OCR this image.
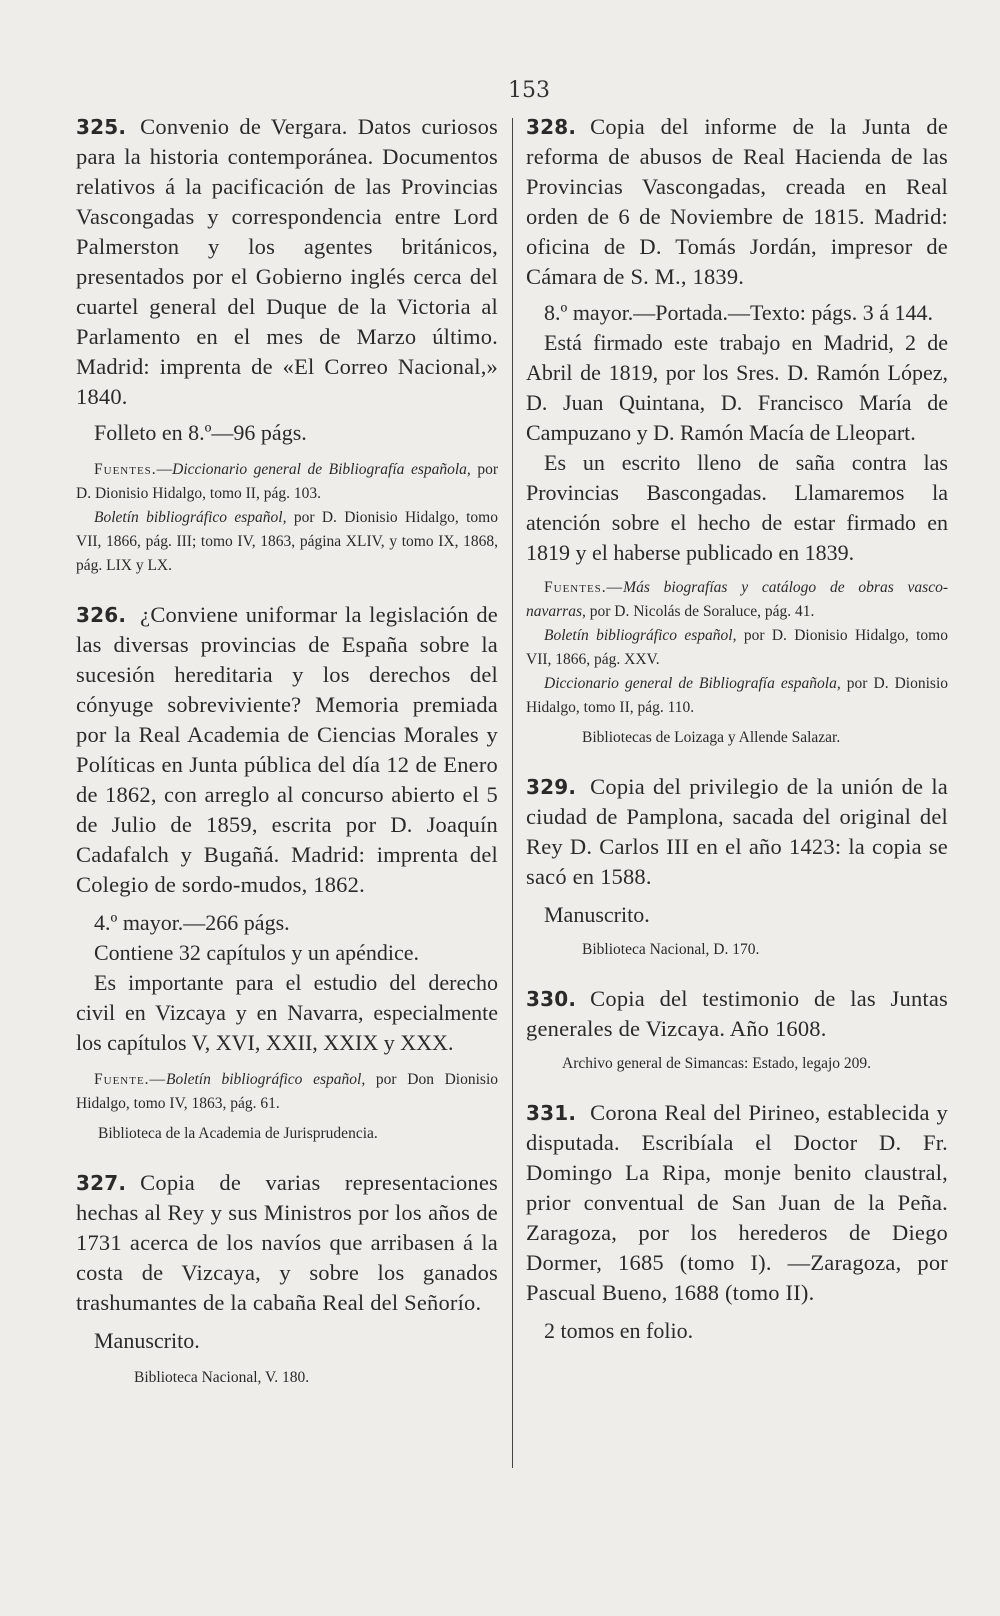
153

325. Convenio de Vergara. Datos curiosos para la historia contemporánea. Documentos relativos á la pacificación de las Provincias Vascongadas y correspondencia entre Lord Palmerston y los agentes británicos, presentados por el Gobierno inglés cerca del cuartel general del Duque de la Victoria al Parlamento en el mes de Marzo último. Madrid: imprenta de «El Correo Nacional,» 1840.

Folleto en 8.º—96 págs.

Fuentes.—Diccionario general de Bibliografía española, por D. Dionisio Hidalgo, tomo II, pág. 103.

Boletín bibliográfico español, por D. Dionisio Hidalgo, tomo VII, 1866, pág. III; tomo IV, 1863, página XLIV, y tomo IX, 1868, pág. LIX y LX.

326. ¿Conviene uniformar la legislación de las diversas provincias de España sobre la sucesión hereditaria y los derechos del cónyuge sobreviviente? Memoria premiada por la Real Academia de Ciencias Morales y Políticas en Junta pública del día 12 de Enero de 1862, con arreglo al concurso abierto el 5 de Julio de 1859, escrita por D. Joaquín Cadafalch y Bugañá. Madrid: imprenta del Colegio de sordo-mudos, 1862.

4.º mayor.—266 págs.

Contiene 32 capítulos y un apéndice.

Es importante para el estudio del derecho civil en Vizcaya y en Navarra, especialmente los capítulos V, XVI, XXII, XXIX y XXX.

Fuente.—Boletín bibliográfico español, por Don Dionisio Hidalgo, tomo IV, 1863, pág. 61.

Biblioteca de la Academia de Jurisprudencia.

327. Copia de varias representaciones hechas al Rey y sus Ministros por los años de 1731 acerca de los navíos que arribasen á la costa de Vizcaya, y sobre los ganados trashumantes de la cabaña Real del Señorío.

Manuscrito.

Biblioteca Nacional, V. 180.

328. Copia del informe de la Junta de reforma de abusos de Real Hacienda de las Provincias Vascongadas, creada en Real orden de 6 de Noviembre de 1815. Madrid: oficina de D. Tomás Jordán, impresor de Cámara de S. M., 1839.

8.º mayor.—Portada.—Texto: págs. 3 á 144.

Está firmado este trabajo en Madrid, 2 de Abril de 1819, por los Sres. D. Ramón López, D. Juan Quintana, D. Francisco María de Campuzano y D. Ramón Macía de Lleopart.

Es un escrito lleno de saña contra las Provincias Bascongadas. Llamaremos la atención sobre el hecho de estar firmado en 1819 y el haberse publicado en 1839.

Fuentes.—Más biografías y catálogo de obras vasco-navarras, por D. Nicolás de Soraluce, pág. 41.

Boletín bibliográfico español, por D. Dionisio Hidalgo, tomo VII, 1866, pág. XXV.

Diccionario general de Bibliografía española, por D. Dionisio Hidalgo, tomo II, pág. 110.

Bibliotecas de Loizaga y Allende Salazar.

329. Copia del privilegio de la unión de la ciudad de Pamplona, sacada del original del Rey D. Carlos III en el año 1423: la copia se sacó en 1588.

Manuscrito.

Biblioteca Nacional, D. 170.

330. Copia del testimonio de las Juntas generales de Vizcaya. Año 1608.

Archivo general de Simancas: Estado, legajo 209.

331. Corona Real del Pirineo, establecida y disputada. Escribíala el Doctor D. Fr. Domingo La Ripa, monje benito claustral, prior conventual de San Juan de la Peña. Zaragoza, por los herederos de Diego Dormer, 1685 (tomo I). —Zaragoza, por Pascual Bueno, 1688 (tomo II).

2 tomos en folio.
